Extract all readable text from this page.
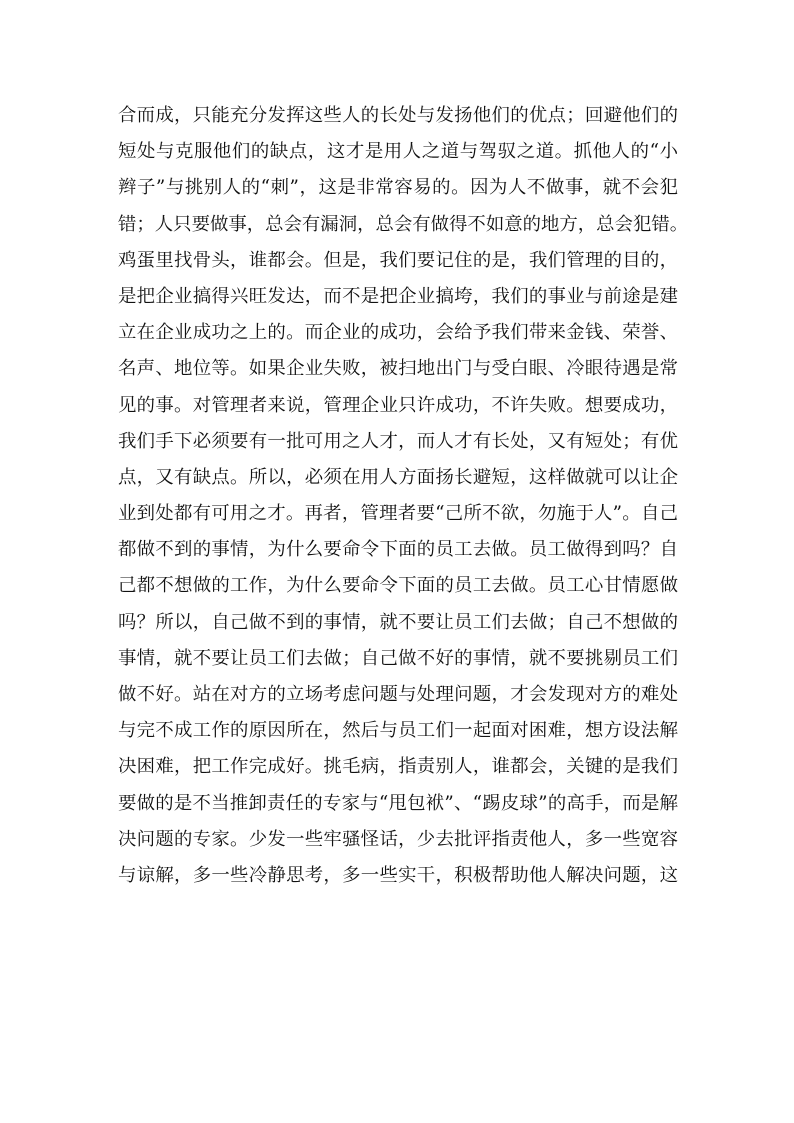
合而成，只能充分发挥这些人的长处与发扬他们的优点；回避他们的
短处与克服他们的缺点，这才是用人之道与驾驭之道。抓他人的“小
辫子”与挑别人的“刺”，这是非常容易的。因为人不做事，就不会犯
错；人只要做事，总会有漏洞，总会有做得不如意的地方，总会犯错。
鸡蛋里找骨头，谁都会。但是，我们要记住的是，我们管理的目的，
是把企业搞得兴旺发达，而不是把企业搞垮，我们的事业与前途是建
立在企业成功之上的。而企业的成功，会给予我们带来金钱、荣誉、
名声、地位等。如果企业失败，被扫地出门与受白眼、冷眼待遇是常
见的事。对管理者来说，管理企业只许成功，不许失败。想要成功，
我们手下必须要有一批可用之人才，而人才有长处，又有短处；有优
点，又有缺点。所以，必须在用人方面扬长避短，这样做就可以让企
业到处都有可用之才。再者，管理者要“己所不欲，勿施于人”。自己
都做不到的事情，为什么要命令下面的员工去做。员工做得到吗？自
己都不想做的工作，为什么要命令下面的员工去做。员工心甘情愿做
吗？所以，自己做不到的事情，就不要让员工们去做；自己不想做的
事情，就不要让员工们去做；自己做不好的事情，就不要挑剔员工们
做不好。站在对方的立场考虑问题与处理问题，才会发现对方的难处
与完不成工作的原因所在，然后与员工们一起面对困难，想方设法解
决困难，把工作完成好。挑毛病，指责别人，谁都会，关键的是我们
要做的是不当推卸责任的专家与“甩包袱”、“踢皮球”的高手，而是解
决问题的专家。少发一些牢骚怪话，少去批评指责他人，多一些宽容
与谅解，多一些冷静思考，多一些实干，积极帮助他人解决问题，这
